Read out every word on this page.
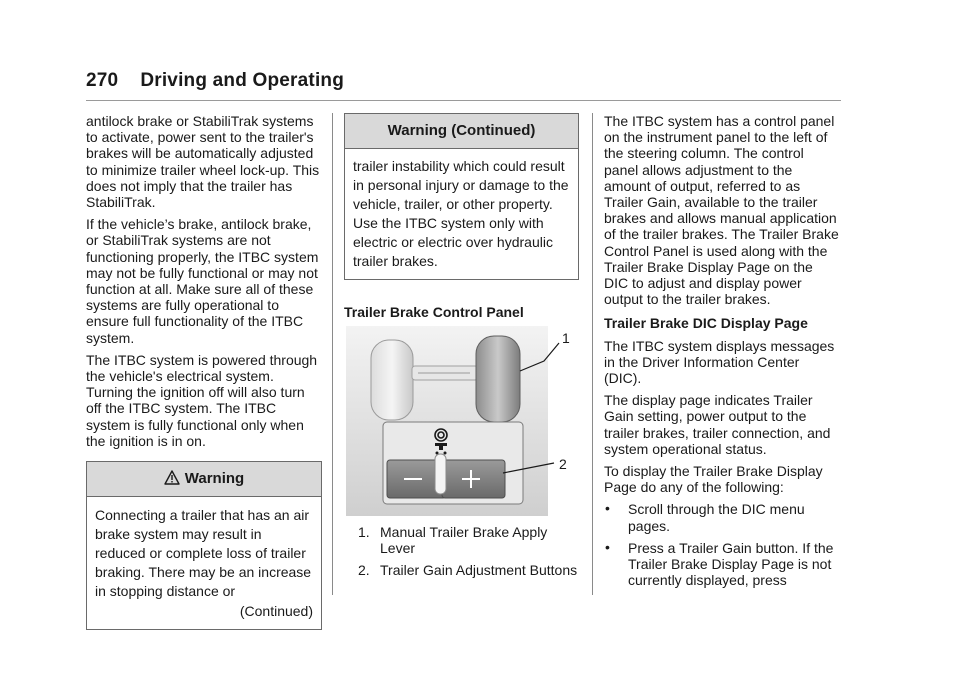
270 Driving and Operating

antilock brake or StabiliTrak systems to activate, power sent to the trailer's brakes will be automatically adjusted to minimize trailer wheel lock-up. This does not imply that the trailer has StabiliTrak.

If the vehicle’s brake, antilock brake, or StabiliTrak systems are not functioning properly, the ITBC system may not be fully functional or may not function at all. Make sure all of these systems are fully operational to ensure full functionality of the ITBC system.

The ITBC system is powered through the vehicle's electrical system. Turning the ignition off will also turn off the ITBC system. The ITBC system is fully functional only when the ignition is in on.

Warning
Connecting a trailer that has an air brake system may result in reduced or complete loss of trailer braking. There may be an increase in stopping distance or
(Continued)
Warning (Continued)
trailer instability which could result in personal injury or damage to the vehicle, trailer, or other property. Use the ITBC system only with electric or electric over hydraulic trailer brakes.
Trailer Brake Control Panel
1
2
1. Manual Trailer Brake Apply Lever
2. Trailer Gain Adjustment Buttons

The ITBC system has a control panel on the instrument panel to the left of the steering column. The control panel allows adjustment to the amount of output, referred to as Trailer Gain, available to the trailer brakes and allows manual application of the trailer brakes. The Trailer Brake Control Panel is used along with the Trailer Brake Display Page on the DIC to adjust and display power output to the trailer brakes.

Trailer Brake DIC Display Page

The ITBC system displays messages in the Driver Information Center (DIC).

The display page indicates Trailer Gain setting, power output to the trailer brakes, trailer connection, and system operational status.

To display the Trailer Brake Display Page do any of the following:

• Scroll through the DIC menu pages.
• Press a Trailer Gain button. If the Trailer Brake Display Page is not currently displayed, press
